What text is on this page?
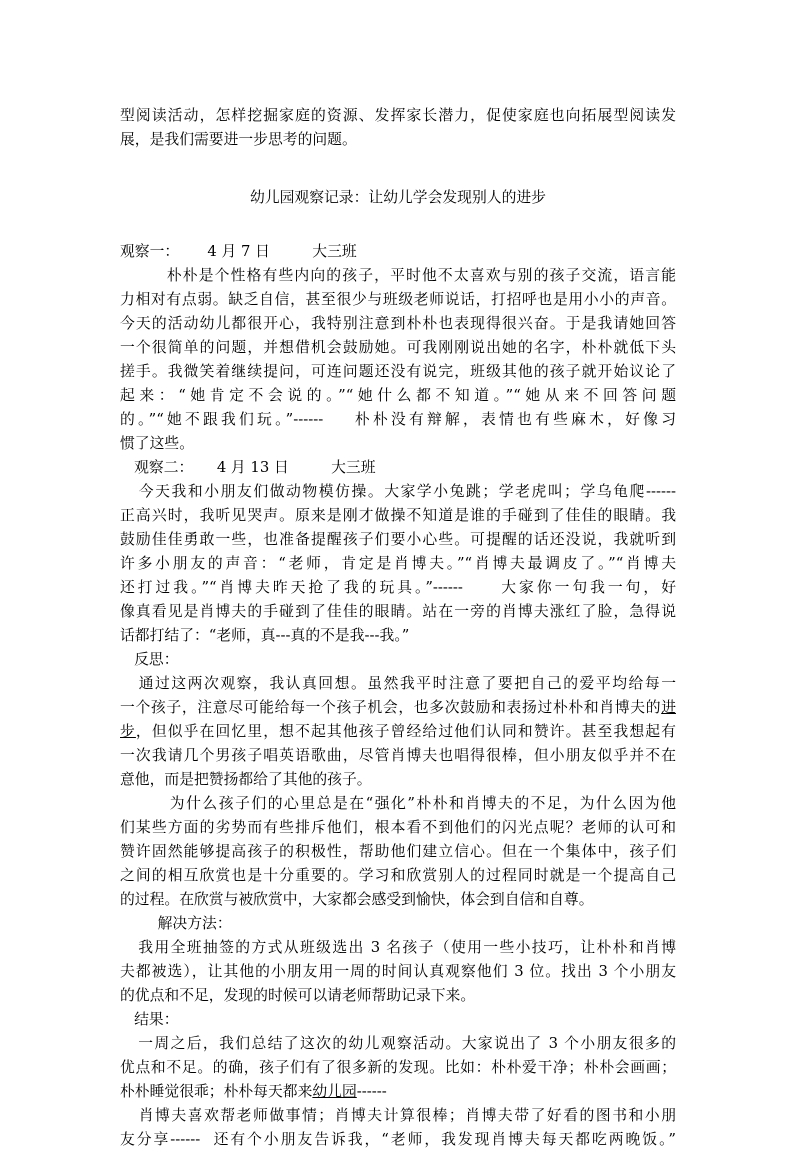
型阅读活动，怎样挖掘家庭的资源、发挥家长潜力，促使家庭也向拓展型阅读发
展，是我们需要进一步思考的问题。
幼儿园观察记录：让幼儿学会发现别人的进步
观察一：      4 月 7 日         大三班
朴朴是个性格有些内向的孩子，平时他不太喜欢与别的孩子交流，语言能
力相对有点弱。缺乏自信，甚至很少与班级老师说话，打招呼也是用小小的声音。
今天的活动幼儿都很开心，我特别注意到朴朴也表现得很兴奋。于是我请她回答
一个很简单的问题，并想借机会鼓励她。可我刚刚说出她的名字，朴朴就低下头
搓手。我微笑着继续提问，可连问题还没有说完，班级其他的孩子就开始议论了
起来：“她肯定不会说的。”“她什么都不知道。”“她从来不回答问题
的。”“她不跟我们玩。”------    朴朴没有辩解，表情也有些麻木，好像习
惯了这些。
观察二：     4 月 13 日         大三班
今天我和小朋友们做动物模仿操。大家学小兔跳；学老虎叫；学乌龟爬------
正高兴时，我听见哭声。原来是刚才做操不知道是谁的手碰到了佳佳的眼睛。我
鼓励佳佳勇敢一些，也准备提醒孩子们要小心些。可提醒的话还没说，我就听到
许多小朋友的声音：“老师，肯定是肖博夫。”“肖博夫最调皮了。”“肖博夫
还打过我。”“肖博夫昨天抢了我的玩具。”------     大家你一句我一句，好
像真看见是肖博夫的手碰到了佳佳的眼睛。站在一旁的肖博夫涨红了脸，急得说
话都打结了：“老师，真---真的不是我---我。”
反思：
通过这两次观察，我认真回想。虽然我平时注意了要把自己的爱平均给每一
一个孩子，注意尽可能给每一个孩子机会，也多次鼓励和表扬过朴朴和肖博夫的进
步，但似乎在回忆里，想不起其他孩子曾经给过他们认同和赞许。甚至我想起有
一次我请几个男孩子唱英语歌曲，尽管肖博夫也唱得很棒，但小朋友似乎并不在
意他，而是把赞扬都给了其他的孩子。
为什么孩子们的心里总是在“强化”朴朴和肖博夫的不足，为什么因为他
们某些方面的劣势而有些排斥他们，根本看不到他们的闪光点呢？老师的认可和
赞许固然能够提高孩子的积极性，帮助他们建立信心。但在一个集体中，孩子们
之间的相互欣赏也是十分重要的。学习和欣赏别人的过程同时就是一个提高自己
的过程。在欣赏与被欣赏中，大家都会感受到愉快，体会到自信和自尊。
解决方法：
我用全班抽签的方式从班级选出 3 名孩子（使用一些小技巧，让朴朴和肖博
夫都被选），让其他的小朋友用一周的时间认真观察他们 3 位。找出 3 个小朋友
的优点和不足，发现的时候可以请老师帮助记录下来。
结果：
一周之后，我们总结了这次的幼儿观察活动。大家说出了 3 个小朋友很多的
优点和不足。的确，孩子们有了很多新的发现。比如：朴朴爱干净；朴朴会画画；
朴朴睡觉很乖；朴朴每天都来幼儿园------
肖博夫喜欢帮老师做事情；肖博夫计算很棒；肖博夫带了好看的图书和小朋
友分享------  还有个小朋友告诉我，“老师，我发现肖博夫每天都吃两晚饭。”
